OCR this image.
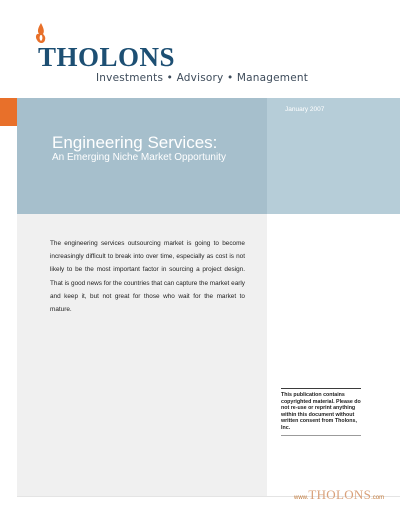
THOLONS
Investments • Advisory • Management
January 2007
Engineering Services:
An Emerging Niche Market Opportunity

The engineering services outsourcing market is going to become increasingly difficult to break into over time, especially as cost is not likely to be the most important factor in sourcing a project design. That is good news for the countries that can capture the market early and keep it, but not great for those who wait for the market to mature.

This publication contains copyrighted material. Please do not re-use or reprint anything within this document without written consent from Tholons, Inc.

www.THOLONS.com
